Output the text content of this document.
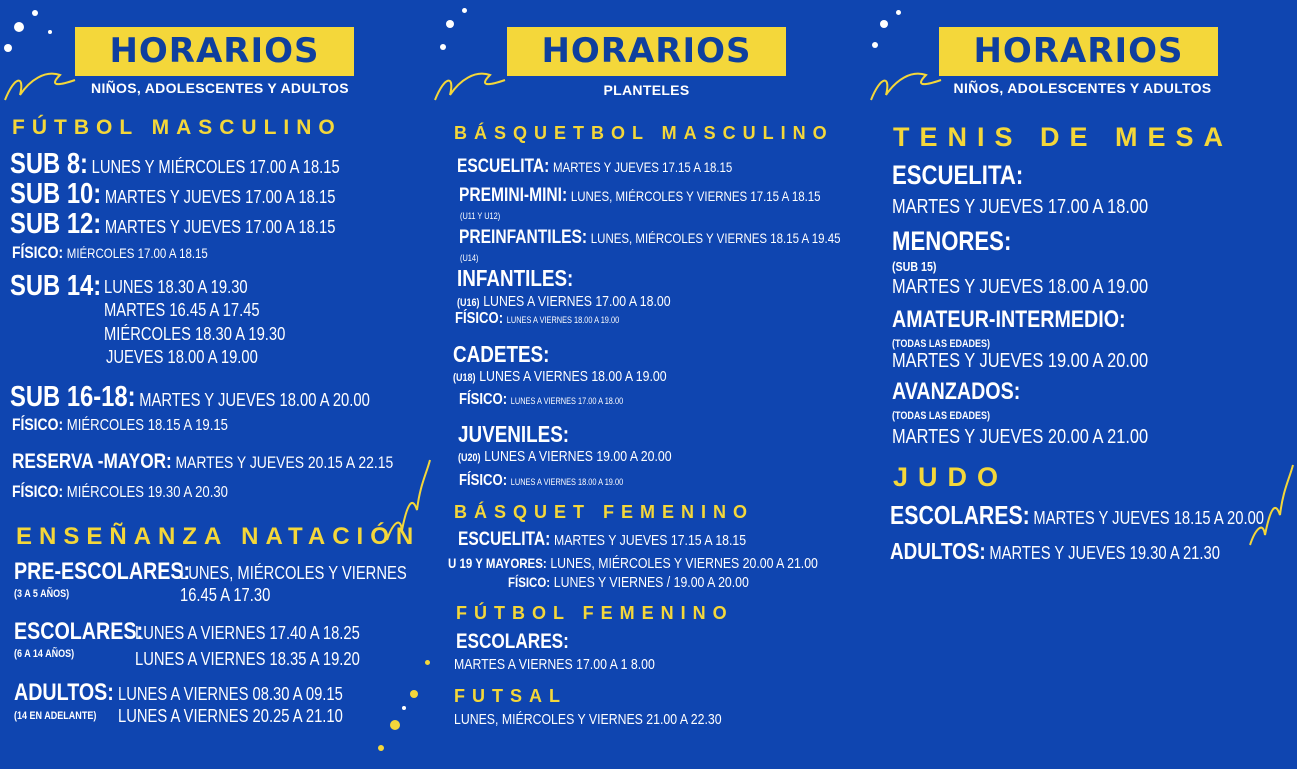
HORARIOS
NIÑOS, ADOLESCENTES Y ADULTOS
FÚTBOL MASCULINO
SUB 8: LUNES Y MIÉRCOLES 17.00 A 18.15
SUB 10: MARTES Y JUEVES 17.00 A 18.15
SUB 12: MARTES Y JUEVES 17.00 A 18.15
FÍSICO: MIÉRCOLES 17.00 A 18.15
SUB 14: LUNES 18.30 A 19.30
MARTES 16.45 A 17.45
MIÉRCOLES 18.30 A 19.30
JUEVES 18.00 A 19.00
SUB 16-18: MARTES Y JUEVES 18.00 A 20.00
FÍSICO: MIÉRCOLES 18.15 A 19.15
RESERVA -MAYOR: MARTES Y JUEVES 20.15 A 22.15
FÍSICO: MIÉRCOLES 19.30 A 20.30
ENSEÑANZA NATACIÓN
PRE-ESCOLARES:
(3 A 5 AÑOS)
LUNES, MIÉRCOLES Y VIERNES
16.45 A 17.30
ESCOLARES:
(6 A 14 AÑOS)
LUNES A VIERNES 17.40 A 18.25
LUNES A VIERNES 18.35 A 19.20
ADULTOS:
(14 EN ADELANTE)
LUNES A VIERNES 08.30 A 09.15
LUNES A VIERNES 20.25 A 21.10
HORARIOS
PLANTELES
BÁSQUETBOL MASCULINO
ESCUELITA: MARTES Y JUEVES 17.15 A 18.15
PREMINI-MINI: LUNES, MIÉRCOLES Y VIERNES 17.15 A 18.15
(U11 Y U12)
PREINFANTILES: LUNES, MIÉRCOLES Y VIERNES 18.15 A 19.45
(U14)
INFANTILES:
(U16) LUNES A VIERNES 17.00 A 18.00
FÍSICO: LUNES A VIERNES 18.00 A 19.00
CADETES:
(U18) LUNES A VIERNES 18.00 A 19.00
FÍSICO: LUNES A VIERNES 17.00 A 18.00
JUVENILES:
(U20) LUNES A VIERNES 19.00 A 20.00
FÍSICO: LUNES A VIERNES 18.00 A 19.00
BÁSQUET FEMENINO
ESCUELITA: MARTES Y JUEVES 17.15 A 18.15
U 19 Y MAYORES: LUNES, MIÉRCOLES Y VIERNES 20.00 A 21.00
FÍSICO: LUNES Y VIERNES / 19.00 A 20.00
FÚTBOL FEMENINO
ESCOLARES:
MARTES A VIERNES 17.00 A 1 8.00
FUTSAL
LUNES, MIÉRCOLES Y VIERNES 21.00 A 22.30
HORARIOS
NIÑOS, ADOLESCENTES Y ADULTOS
TENIS DE MESA
ESCUELITA:
MARTES Y JUEVES 17.00 A 18.00
MENORES:
(SUB 15)
MARTES Y JUEVES 18.00 A 19.00
AMATEUR-INTERMEDIO:
(TODAS LAS EDADES)
MARTES Y JUEVES 19.00 A 20.00
AVANZADOS:
(TODAS LAS EDADES)
MARTES Y JUEVES 20.00 A 21.00
JUDO
ESCOLARES: MARTES Y JUEVES 18.15 A 20.00
ADULTOS: MARTES Y JUEVES 19.30 A 21.30
